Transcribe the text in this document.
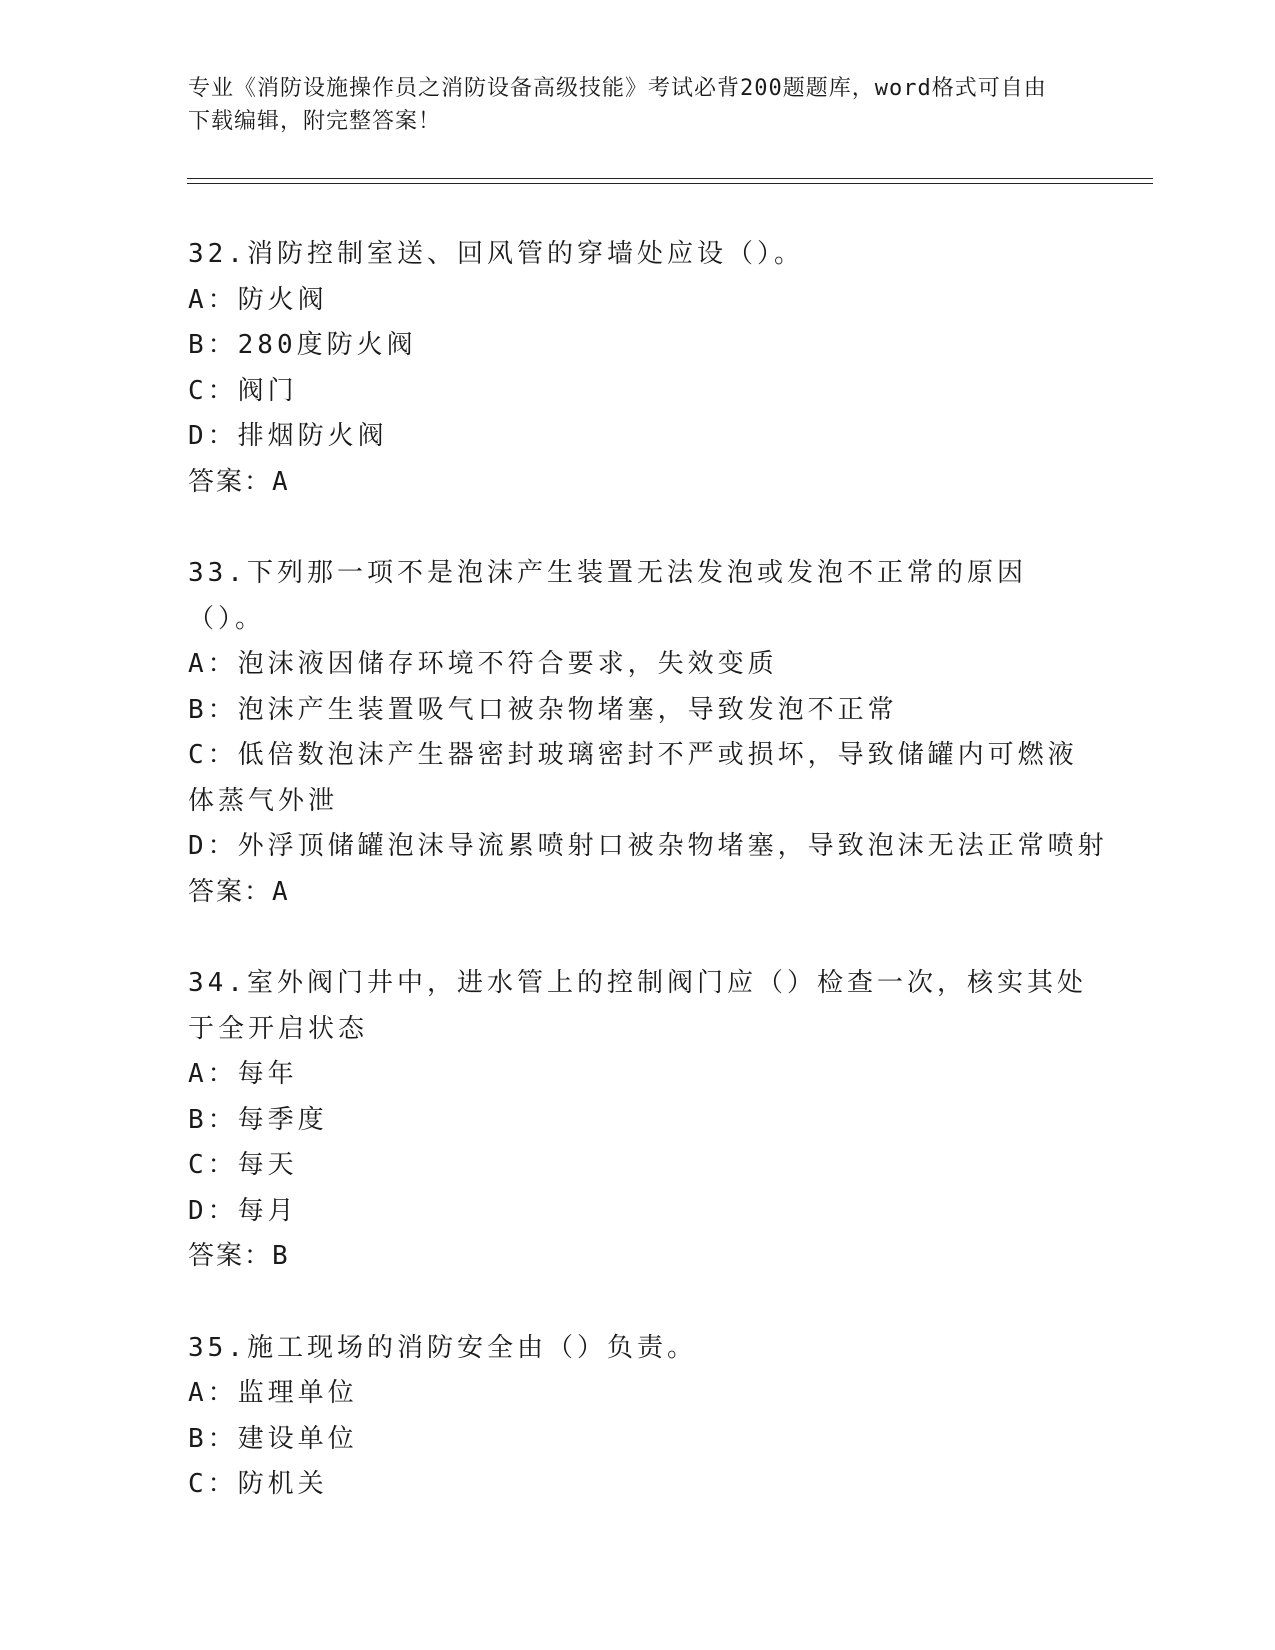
专业《消防设施操作员之消防设备高级技能》考试必背200题题库，word格式可自由下载编辑，附完整答案！
32.消防控制室送、回风管的穿墙处应设（）。
A：防火阀
B：280度防火阀
C：阀门
D：排烟防火阀
答案：A
33.下列那一项不是泡沫产生装置无法发泡或发泡不正常的原因（）。
A：泡沫液因储存环境不符合要求，失效变质
B：泡沫产生装置吸气口被杂物堵塞，导致发泡不正常
C：低倍数泡沫产生器密封玻璃密封不严或损坏，导致储罐内可燃液体蒸气外泄
D：外浮顶储罐泡沫导流累喷射口被杂物堵塞，导致泡沫无法正常喷射
答案：A
34.室外阀门井中，进水管上的控制阀门应（）检查一次，核实其处于全开启状态
A：每年
B：每季度
C：每天
D：每月
答案：B
35.施工现场的消防安全由（）负责。
A：监理单位
B：建设单位
C：防机关
